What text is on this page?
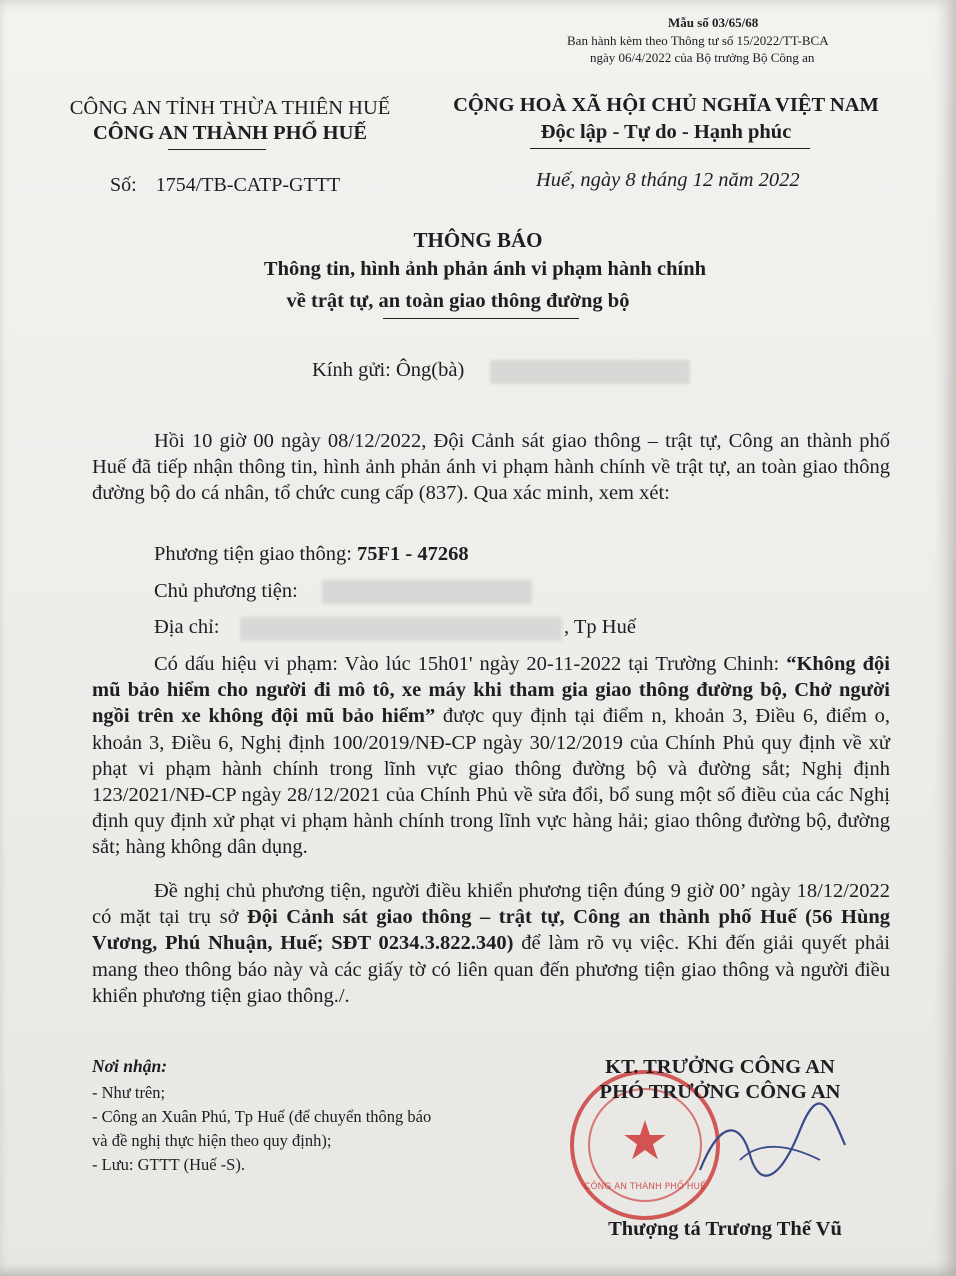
Mẫu số 03/65/68
Ban hành kèm theo Thông tư số 15/2022/TT-BCA
ngày 06/4/2022 của Bộ trưởng Bộ Công an
CÔNG AN TỈNH THỪA THIÊN HUẾ
CÔNG AN THÀNH PHỐ HUẾ
CỘNG HOÀ XÃ HỘI CHỦ NGHĨA VIỆT NAM
Độc lập - Tự do - Hạnh phúc
Số: 1754/TB-CATP-GTTT	Huế, ngày 8 tháng 12 năm 2022
THÔNG BÁO
Thông tin, hình ảnh phản ánh vi phạm hành chính
về trật tự, an toàn giao thông đường bộ
Kính gửi: Ông(bà)
Hồi 10 giờ 00 ngày 08/12/2022, Đội Cảnh sát giao thông – trật tự, Công an thành phố Huế đã tiếp nhận thông tin, hình ảnh phản ánh vi phạm hành chính về trật tự, an toàn giao thông đường bộ do cá nhân, tổ chức cung cấp (837). Qua xác minh, xem xét:
Phương tiện giao thông: 75F1 - 47268
Chủ phương tiện:
Địa chỉ:	, Tp Huế
Có dấu hiệu vi phạm: Vào lúc 15h01' ngày 20-11-2022 tại Trường Chinh: “Không đội mũ bảo hiểm cho người đi mô tô, xe máy khi tham gia giao thông đường bộ, Chở người ngồi trên xe không đội mũ bảo hiểm” được quy định tại điểm n, khoản 3, Điều 6, điểm o, khoản 3, Điều 6, Nghị định 100/2019/NĐ-CP ngày 30/12/2019 của Chính Phủ quy định về xử phạt vi phạm hành chính trong lĩnh vực giao thông đường bộ và đường sắt; Nghị định 123/2021/NĐ-CP ngày 28/12/2021 của Chính Phủ về sửa đổi, bổ sung một số điều của các Nghị định quy định xử phạt vi phạm hành chính trong lĩnh vực hàng hải; giao thông đường bộ, đường sắt; hàng không dân dụng.
Đề nghị chủ phương tiện, người điều khiển phương tiện đúng 9 giờ 00’ ngày 18/12/2022 có mặt tại trụ sở Đội Cảnh sát giao thông – trật tự, Công an thành phố Huế (56 Hùng Vương, Phú Nhuận, Huế; SĐT 0234.3.822.340) để làm rõ vụ việc. Khi đến giải quyết phải mang theo thông báo này và các giấy tờ có liên quan đến phương tiện giao thông và người điều khiển phương tiện giao thông./.
Nơi nhận:
- Như trên;
- Công an Xuân Phú, Tp Huế (để chuyển thông báo
và đề nghị thực hiện theo quy định);
- Lưu: GTTT (Huế -S).	★
CÔNG AN THÀNH PHỐ HUẾ
KT. TRƯỞNG CÔNG AN
PHÓ TRƯỞNG CÔNG AN
Thượng tá Trương Thế Vũ
